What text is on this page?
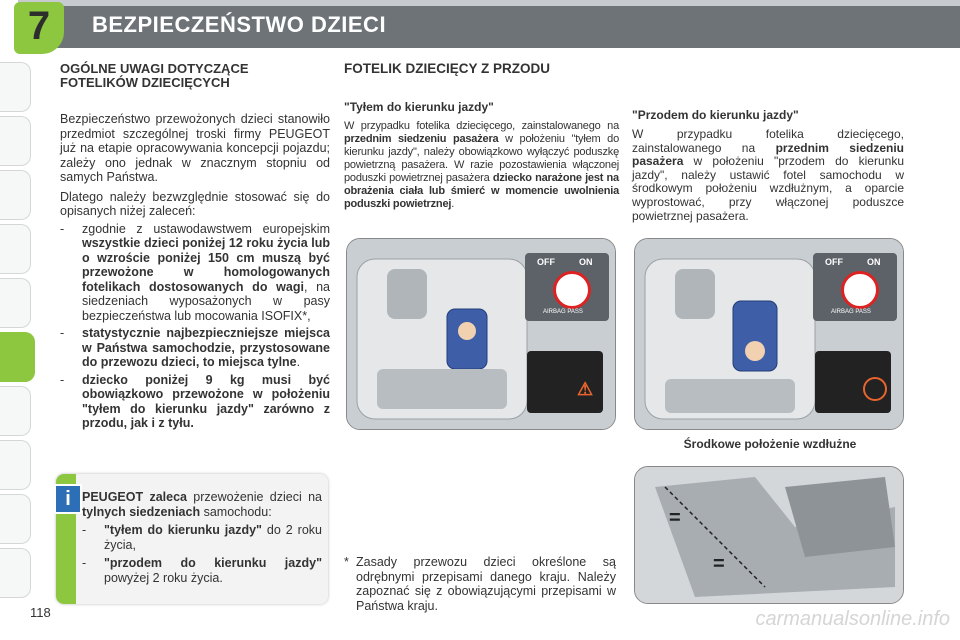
7	BEZPIECZEŃSTWO DZIECI
OGÓLNE UWAGI DOTYCZĄCE
FOTELIKÓW DZIECIĘCYCH
Bezpieczeństwo przewożonych dzieci stanowiło przedmiot szczególnej troski firmy PEUGEOT już na etapie opracowywania koncepcji pojazdu; zależy ono jednak w znacznym stopniu od samych Państwa.
Dlatego należy bezwzględnie stosować się do opisanych niżej zaleceń:
- zgodnie z ustawodawstwem europejskim wszystkie dzieci poniżej 12 roku życia lub o wzroście poniżej 150 cm muszą być przewożone w homologowanych fotelikach dostosowanych do wagi, na siedzeniach wyposażonych w pasy bezpieczeństwa lub mocowania ISOFIX*,
- statystycznie najbezpieczniejsze miejsca w Państwa samochodzie, przystosowane do przewozu dzieci, to miejsca tylne.
- dziecko poniżej 9 kg musi być obowiązkowo przewożone w położeniu "tyłem do kierunku jazdy" zarówno z przodu, jak i z tyłu.
i PEUGEOT zaleca przewożenie dzieci na tylnych siedzeniach samochodu:
- "tyłem do kierunku jazdy" do 2 roku życia,
- "przodem do kierunku jazdy" powyżej 2 roku życia.
FOTELIK DZIECIĘCY Z PRZODU
"Tyłem do kierunku jazdy"
W przypadku fotelika dziecięcego, zainstalowanego na przednim siedzeniu pasażera w położeniu "tyłem do kierunku jazdy", należy obowiązkowo wyłączyć poduszkę powietrzną pasażera. W razie pozostawienia włączonej poduszki powietrznej pasażera dziecko narażone jest na obrażenia ciała lub śmierć w momencie uwolnienia poduszki powietrznej.
"Przodem do kierunku jazdy"
W przypadku fotelika dziecięcego, zainstalowanego na przednim siedzeniu pasażera w położeniu "przodem do kierunku jazdy", należy ustawić fotel samochodu w środkowym położeniu wzdłużnym, a oparcie wyprostować, przy włączonej poduszce powietrznej pasażera.
OFF	ON
AIRBAG PASS
⚠
OFF	ON
AIRBAG PASS
Środkowe położenie wzdłużne
=
=
* Zasady przewozu dzieci określone są odrębnymi przepisami danego kraju. Należy zapoznać się z obowiązującymi przepisami w Państwa kraju.
118	carmanualsonline.info
